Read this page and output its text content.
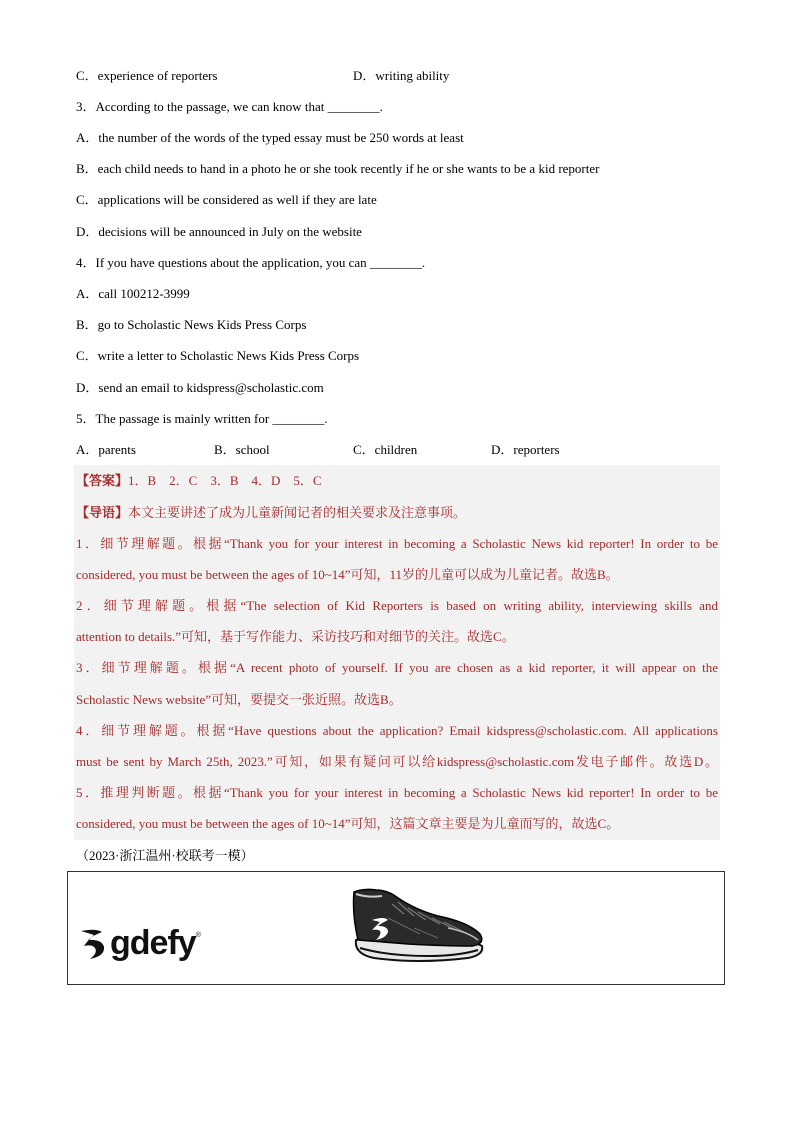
C．experience of reporters	D．writing ability
3．According to the passage, we can know that ________.
A．the number of the words of the typed essay must be 250 words at least
B．each child needs to hand in a photo he or she took recently if he or she wants to be a kid reporter
C．applications will be considered as well if they are late
D．decisions will be announced in July on the website
4．If you have questions about the application, you can ________.
A．call 100212-3999
B．go to Scholastic News Kids Press Corps
C．write a letter to Scholastic News Kids Press Corps
D．send an email to kidspress@scholastic.com
5．The passage is mainly written for ________.
A．parents	B．school	C．children	D．reporters
【答案】1．B　2．C　3．B　4．D　5．C
【导语】本文主要讲述了成为儿童新闻记者的相关要求及注意事项。
1．细节理解题。根据“Thank you for your interest in becoming a Scholastic News kid reporter! In order to be
considered, you must be between the ages of 10~14”可知，11岁的儿童可以成为儿童记者。故选B。
2．细节理解题。根据“The selection of Kid Reporters is based on writing ability, interviewing skills and
attention to details.”可知，基于写作能力、采访技巧和对细节的关注。故选C。
3．细节理解题。根据“A recent photo of yourself. If you are chosen as a kid reporter, it will appear on the
Scholastic News website”可知，要提交一张近照。故选B。
4．细节理解题。根据“Have questions about the application? Email kidspress@scholastic.com. All applications
must be sent by March 25th, 2023.”可知，如果有疑问可以给kidspress@scholastic.com发电子邮件。故选D。
5．推理判断题。根据“Thank you for your interest in becoming a Scholastic News kid reporter! In order to be
considered, you must be between the ages of 10~14”可知，这篇文章主要是为儿童而写的，故选C。
（2023·浙江温州·校联考一模）
gdefy ®
